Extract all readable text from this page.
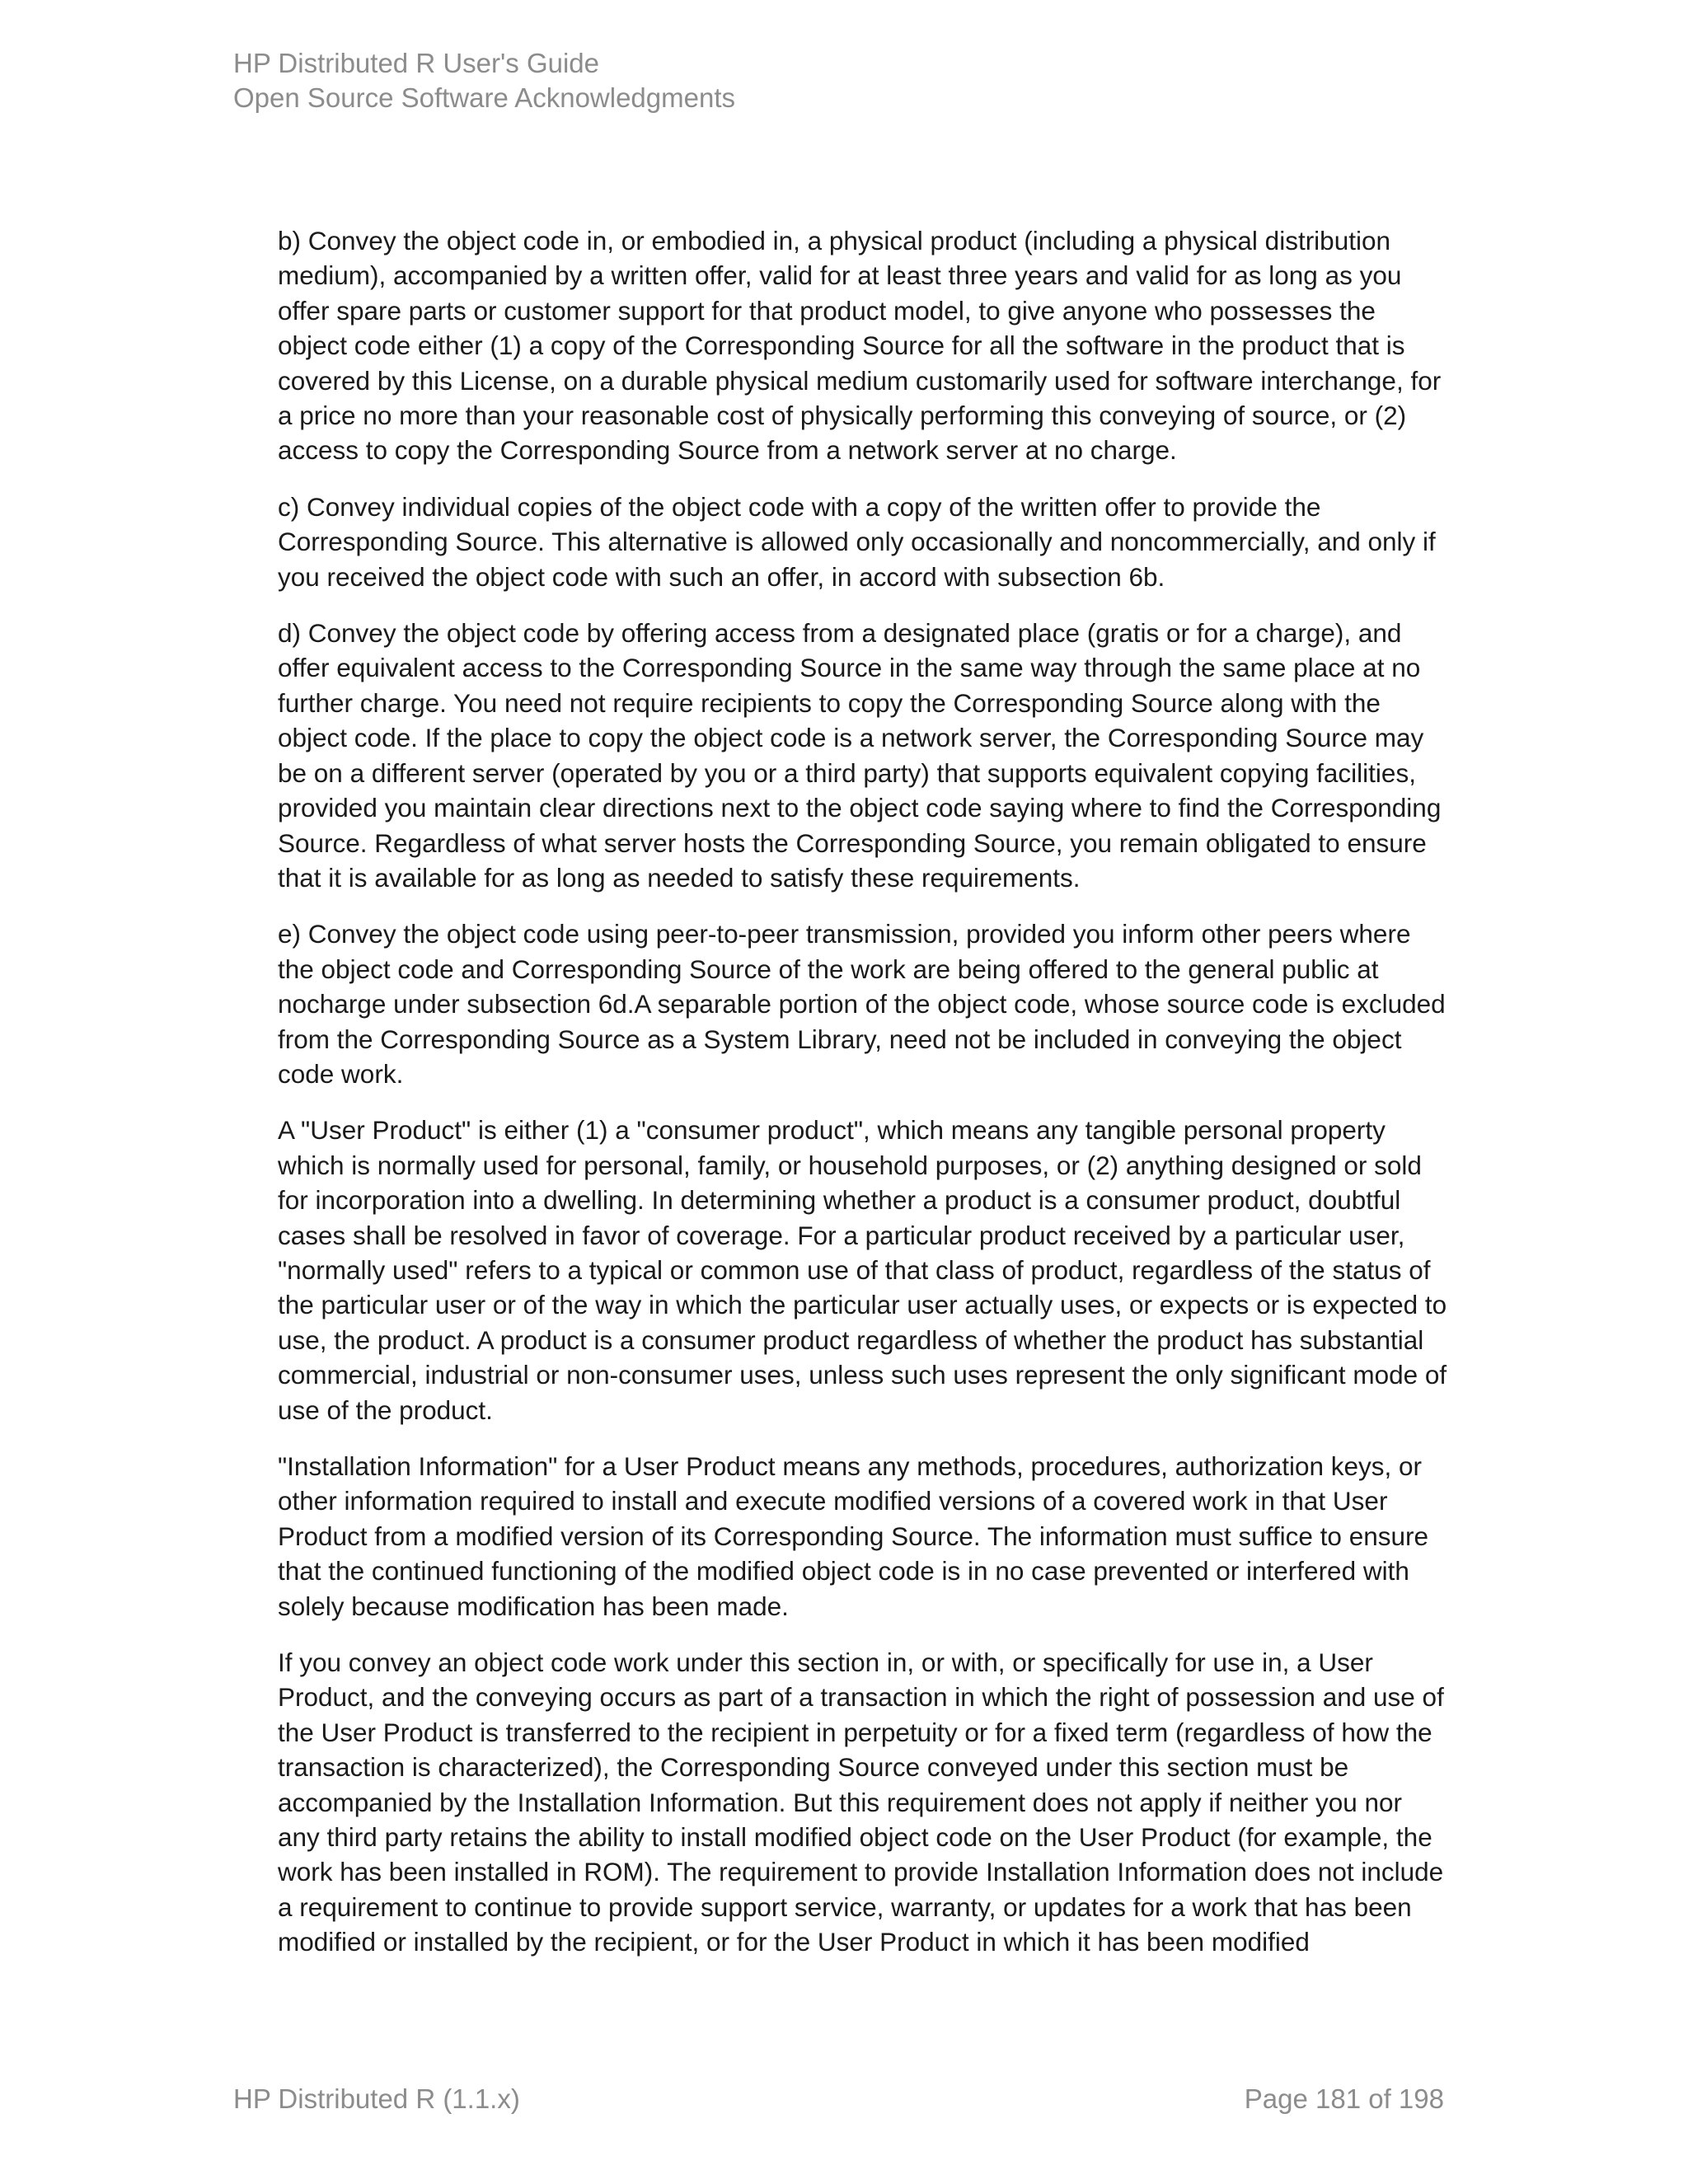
HP Distributed R User's Guide
Open Source Software Acknowledgments

b) Convey the object code in, or embodied in, a physical product (including a physical distribution medium), accompanied by a written offer, valid for at least three years and valid for as long as you offer spare parts or customer support for that product model, to give anyone who possesses the object code either (1) a copy of the Corresponding Source for all the software in the product that is covered by this License, on a durable physical medium customarily used for software interchange, for a price no more than your reasonable cost of physically performing this conveying of source, or (2) access to copy the Corresponding Source from a network server at no charge.

c) Convey individual copies of the object code with a copy of the written offer to provide the Corresponding Source. This alternative is allowed only occasionally and noncommercially, and only if you received the object code with such an offer, in accord with subsection 6b.

d) Convey the object code by offering access from a designated place (gratis or for a charge), and offer equivalent access to the Corresponding Source in the same way through the same place at no further charge. You need not require recipients to copy the Corresponding Source along with the object code. If the place to copy the object code is a network server, the Corresponding Source may be on a different server (operated by you or a third party) that supports equivalent copying facilities, provided you maintain clear directions next to the object code saying where to find the Corresponding Source. Regardless of what server hosts the Corresponding Source, you remain obligated to ensure that it is available for as long as needed to satisfy these requirements.

e) Convey the object code using peer-to-peer transmission, provided you inform other peers where the object code and Corresponding Source of the work are being offered to the general public at nocharge under subsection 6d.A separable portion of the object code, whose source code is excluded from the Corresponding Source as a System Library, need not be included in conveying the object code work.

A "User Product" is either (1) a "consumer product", which means any tangible personal property which is normally used for personal, family, or household purposes, or (2) anything designed or sold for incorporation into a dwelling. In determining whether a product is a consumer product, doubtful cases shall be resolved in favor of coverage. For a particular product received by a particular user, "normally used" refers to a typical or common use of that class of product, regardless of the status of the particular user or of the way in which the particular user actually uses, or expects or is expected to use, the product. A product is a consumer product regardless of whether the product has substantial commercial, industrial or non-consumer uses, unless such uses represent the only significant mode of use of the product.

"Installation Information" for a User Product means any methods, procedures, authorization keys, or other information required to install and execute modified versions of a covered work in that User Product from a modified version of its Corresponding Source. The information must suffice to ensure that the continued functioning of the modified object code is in no case prevented or interfered with solely because modification has been made.

If you convey an object code work under this section in, or with, or specifically for use in, a User Product, and the conveying occurs as part of a transaction in which the right of possession and use of the User Product is transferred to the recipient in perpetuity or for a fixed term (regardless of how the transaction is characterized), the Corresponding Source conveyed under this section must be accompanied by the Installation Information. But this requirement does not apply if neither you nor any third party retains the ability to install modified object code on the User Product (for example, the work has been installed in ROM). The requirement to provide Installation Information does not include a requirement to continue to provide support service, warranty, or updates for a work that has been modified or installed by the recipient, or for the User Product in which it has been modified

HP Distributed R (1.1.x)	Page 181 of 198
